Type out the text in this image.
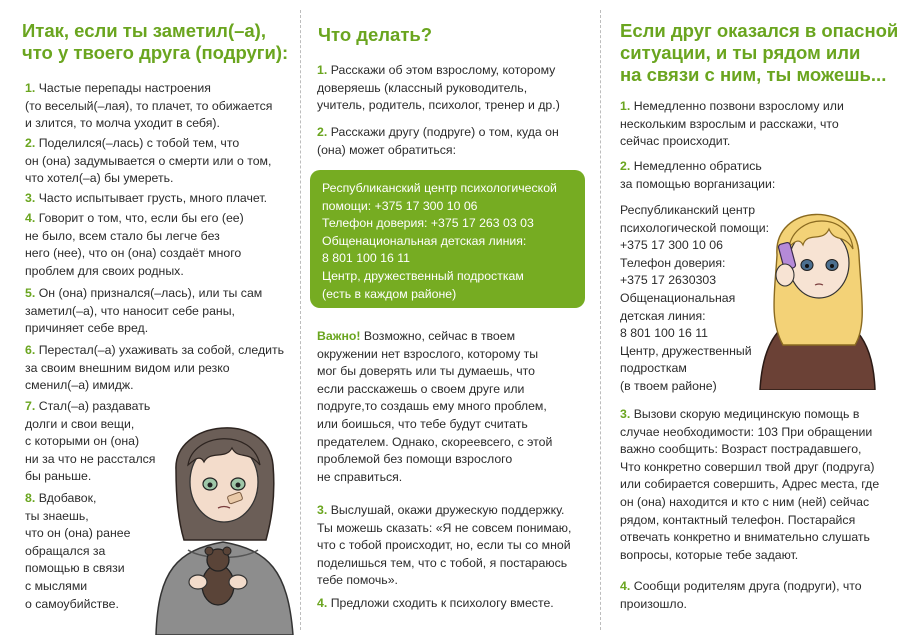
Итак, если ты заметил(–а),
что у твоего друга (подруги):
1. Частые перепады настроения
(то веселый(–лая), то плачет, то обижается
и злится, то молча уходит в себя).
2. Поделился(–лась) с тобой тем, что
он (она) задумывается о смерти или о том,
что хотел(–а) бы умереть.
3. Часто испытывает грусть, много плачет.
4. Говорит о том, что, если бы его (ее)
не было, всем стало бы легче без
него (нее), что он (она) создаёт много
проблем для своих родных.
5. Он (она) признался(–лась), или ты сам
заметил(–а), что наносит себе раны,
причиняет себе вред.
6. Перестал(–а) ухаживать за собой, следить
за своим внешним видом или резко
сменил(–а) имидж.
7. Стал(–а) раздавать
долги и свои вещи,
с которыми он (она)
ни за что не расстался
бы раньше.
8. Вдобавок,
ты знаешь,
что он (она) ранее
обращался за
помощью в связи
с мыслями
о самоубийстве.
Что делать?
1. Расскажи об этом взрослому, которому
доверяешь (классный руководитель,
учитель, родитель, психолог, тренер и др.)
2. Расскажи другу (подруге) о том, куда он
(она) может обратиться:
Республиканский центр психологической
помощи: +375 17 300 10 06
Телефон доверия: +375 17 263 03 03
Общенациональная детская линия:
8 801 100 16 11
Центр, дружественный подросткам
(есть в каждом районе)
Важно! Возможно, сейчас в твоем
окружении нет взрослого, которому ты
мог бы доверять или ты думаешь, что
если расскажешь о своем друге или
подруге,то создашь ему много проблем,
или боишься, что тебе будут считать
предателем. Однако, скореевсего, с этой
проблемой без помощи взрослого
не справиться.
3. Выслушай, окажи дружескую поддержку.
Ты можешь сказать: «Я не совсем понимаю,
что с тобой происходит, но, если ты со мной
поделишься тем, что с тобой, я постараюсь
тебе помочь».
4. Предложи сходить к психологу вместе.
Если друг оказался в опасной
ситуации, и ты рядом или
на связи с ним, ты можешь...
1. Немедленно позвони взрослому или
нескольким взрослым и расскажи, что
сейчас происходит.
2. Немедленно обратись
за помощью ворганизации:
Республиканский центр
психологической помощи:
+375 17 300 10 06
Телефон доверия:
+375 17 2630303
Общенациональная
детская линия:
8 801 100 16 11
Центр, дружественный
подросткам
(в твоем районе)
3. Вызови скорую медицинскую помощь в
случае необходимости: 103 При обращении
важно сообщить: Возраст пострадавшего,
Что конкретно совершил твой друг (подруга)
или собирается совершить, Адрес места, где
он (она) находится и кто с ним (ней) сейчас
рядом, контактный телефон. Постарайся
отвечать конкретно и внимательно слушать
вопросы, которые тебе задают.
4. Сообщи родителям друга (подруги), что
произошло.
